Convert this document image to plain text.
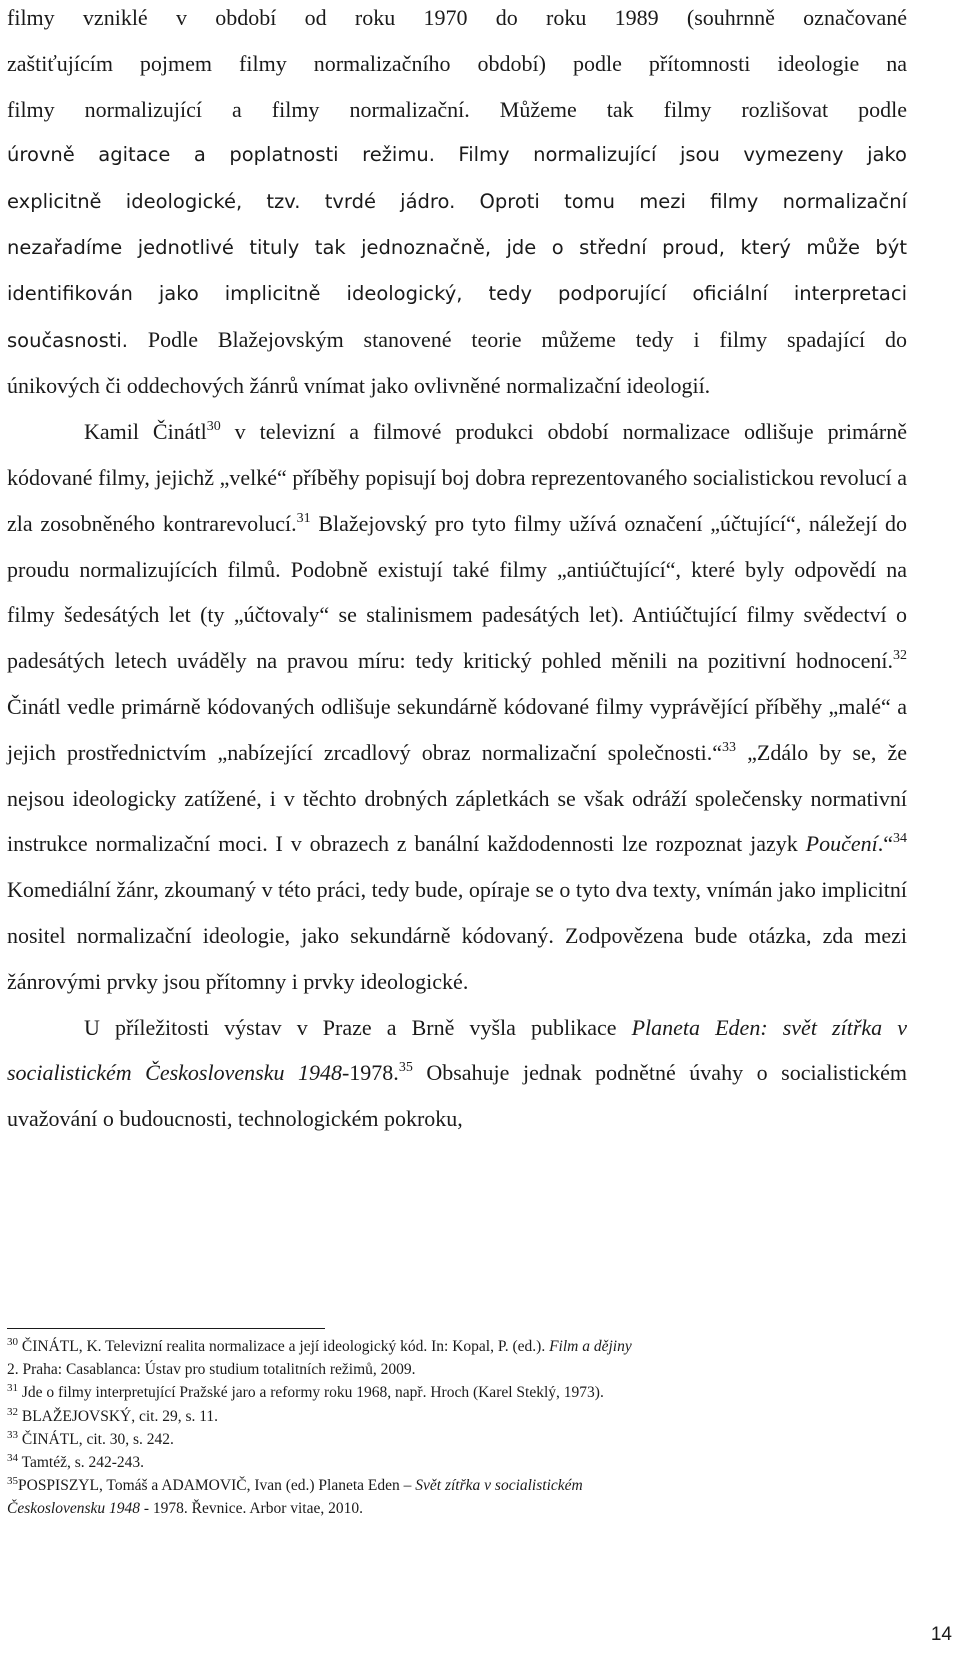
filmy vzniklé v období od roku 1970 do roku 1989 (souhrnně označované
zaštiťujícím pojmem filmy normalizačního období) podle přítomnosti ideologie na
filmy normalizující a filmy normalizační. Můžeme tak filmy rozlišovat podle
úrovně agitace a poplatnosti režimu. Filmy normalizující jsou vymezeny jako
explicitně ideologické, tzv. tvrdé jádro. Oproti tomu mezi filmy normalizační
nezařadíme jednotlivé tituly tak jednoznačně, jde o střední proud, který může být
identifikován jako implicitně ideologický, tedy podporující oficiální interpretaci
současnosti. Podle Blažejovským stanovené teorie můžeme tedy i filmy spadající do
únikových či oddechových žánrů vnímat jako ovlivněné normalizační ideologií.

Kamil Činátl$^{30}$ v televizní a filmové produkci období normalizace odlišuje primárně kódované filmy, jejichž „velké“ příběhy popisují boj dobra reprezentovaného socialistickou revolucí a zla zosobněného kontrarevolucí.$^{31}$ Blažejovský pro tyto filmy užívá označení „účtující“, náležejí do proudu normalizujících filmů. Podobně existují také filmy „antiúčtující“, které byly odpovědí na filmy šedesátých let (ty „účtovaly“ se stalinismem padesátých let). Antiúčtující filmy svědectví o padesátých letech uváděly na pravou míru: tedy kritický pohled měnili na pozitivní hodnocení.$^{32}$ Činátl vedle primárně kódovaných odlišuje sekundárně kódované filmy vyprávějící příběhy „malé“ a jejich prostřednictvím „nabízející zrcadlový obraz normalizační společnosti.“$^{33}$ „Zdálo by se, že nejsou ideologicky zatížené, i v těchto drobných zápletkách se však odráží společensky normativní instrukce normalizační moci. I v obrazech z banální každodennosti lze rozpoznat jazyk Poučení.“$^{34}$ Komediální žánr, zkoumaný v této práci, tedy bude, opíraje se o tyto dva texty, vnímán jako implicitní nositel normalizační ideologie, jako sekundárně kódovaný. Zodpovězena bude otázka, zda mezi žánrovými prvky jsou přítomny i prvky ideologické.

U příležitosti výstav v Praze a Brně vyšla publikace Planeta Eden: svět zítřka v socialistickém Československu 1948-1978.35 Obsahuje jednak podnětné úvahy o socialistickém uvažování o budoucnosti, technologickém pokroku,

$^{30}$ ČINÁTL, K. Televizní realita normalizace a její ideologický kód. In: Kopal, P. (ed.). Film a dějiny
2. Praha: Casablanca: Ústav pro studium totalitních režimů, 2009.

$^{31}$ Jde o filmy interpretující Pražské jaro a reformy roku 1968, např. Hroch (Karel Steklý, 1973).

$^{32}$ BLAŽEJOVSKÝ, cit. 29, s. 11.

$^{33}$ ČINÁTL, cit. 30, s. 242.

$^{34}$ Tamtéž, s. 242-243.

$^{35}$POSPISZYL, Tomáš a ADAMOVIČ, Ivan (ed.) Planeta Eden – Svět zítřka v socialistickém
Československu 1948 - 1978. Řevnice. Arbor vitae, 2010.

14
